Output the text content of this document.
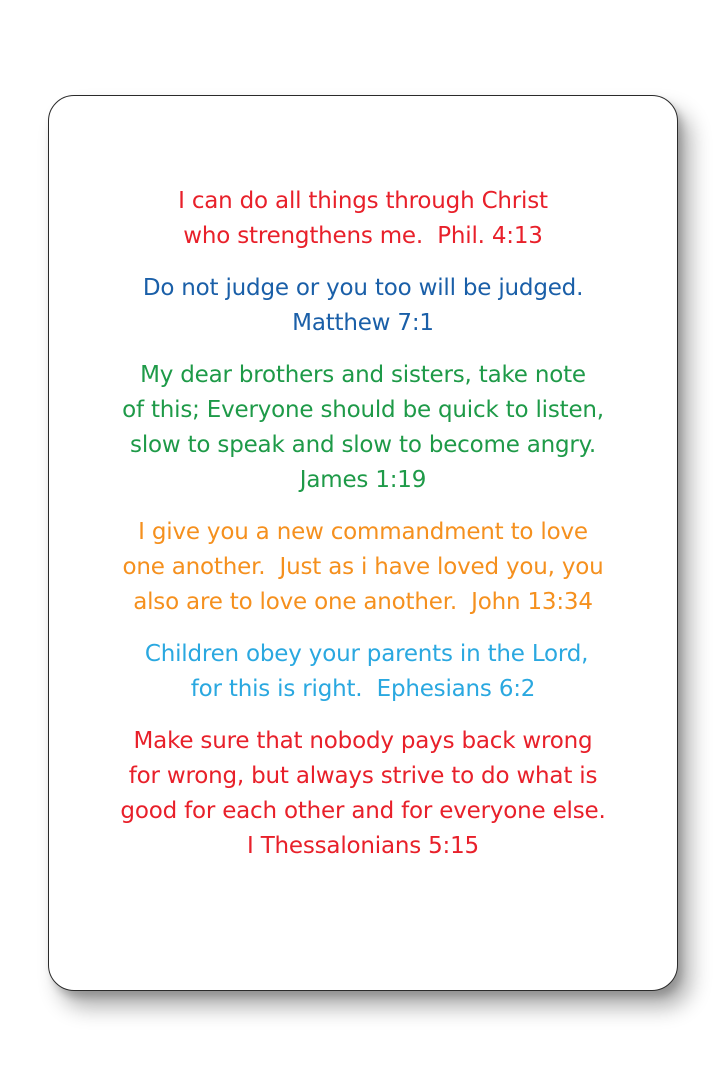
I can do all things through Christ
who strengthens me.  Phil. 4:13
Do not judge or you too will be judged.
Matthew 7:1
My dear brothers and sisters, take note
of this; Everyone should be quick to listen,
slow to speak and slow to become angry.
James 1:19
I give you a new commandment to love
one another.  Just as i have loved you, you
also are to love one another.  John 13:34
Children obey your parents in the Lord,
for this is right.  Ephesians 6:2
Make sure that nobody pays back wrong
for wrong, but always strive to do what is
good for each other and for everyone else.
I Thessalonians 5:15
